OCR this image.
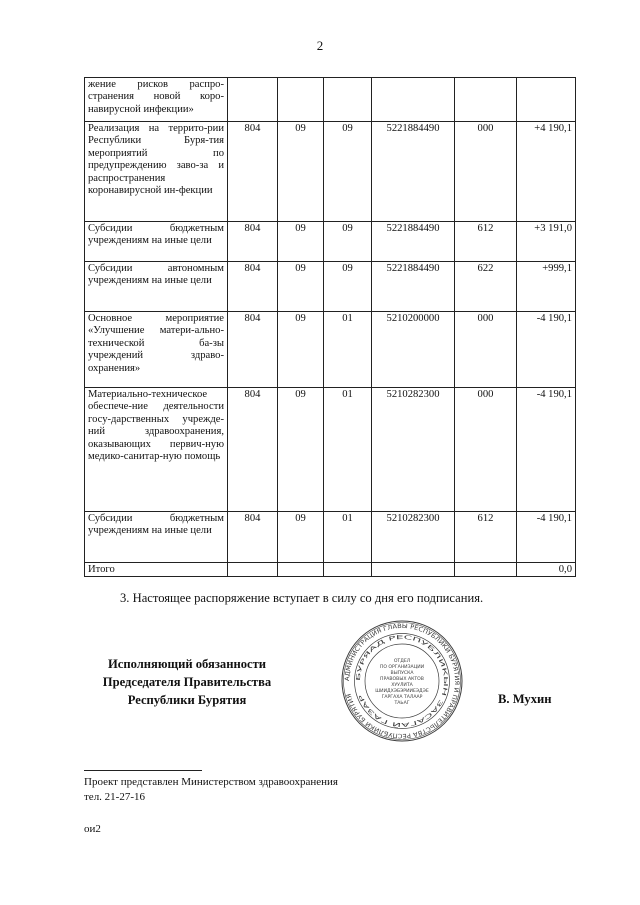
2
жение рисков распро-странения новой коро-навирусной инфекции»						
Реализация на террито-рии Республики Буря-тия мероприятий по предупреждению заво-за и распространения коронавирусной ин-фекции	804	09	09	5221884490	000	+4 190,1
Субсидии бюджетным учреждениям на иные цели	804	09	09	5221884490	612	+3 191,0
Субсидии автономным учреждениям на иные цели	804	09	09	5221884490	622	+999,1
Основное мероприятие «Улучшение матери-ально-технической ба-зы учреждений здраво-охранения»	804	09	01	5210200000	000	-4 190,1
Материально-техническое обеспече-ние деятельности госу-дарственных учрежде-ний здравоохранения, оказывающих первич-ную медико-санитар-ную помощь	804	09	01	5210282300	000	-4 190,1
Субсидии бюджетным учреждениям на иные цели	804	09	01	5210282300	612	-4 190,1
Итого						0,0
3. Настоящее распоряжение вступает в силу со дня его подписания.
Исполняющий обязанности
Председателя Правительства
Республики Бурятия	В. Мухин
АДМИНИСТРАЦИЯ ГЛАВЫ РЕСПУБЛИКИ БУРЯТИЯ И ПРАВИТЕЛЬСТВА РЕСПУБЛИКИ БУРЯТИЯ
БУРЯАД РЕСПУБЛИКЫН ЗАСАГАЙ ГАЗАР
ОТДЕЛ
ПО ОРГАНИЗАЦИИ
ВЫПУСКА
ПРАВОВЫХ АКТОВ
ХУУЛИТА
ШИИДХЭБЭРИИЕЭДЭЕ
ГАРГАХА ТАЛААР
ТАЬАГ
Проект представлен Министерством здравоохранения
тел. 21-27-16
ои2
